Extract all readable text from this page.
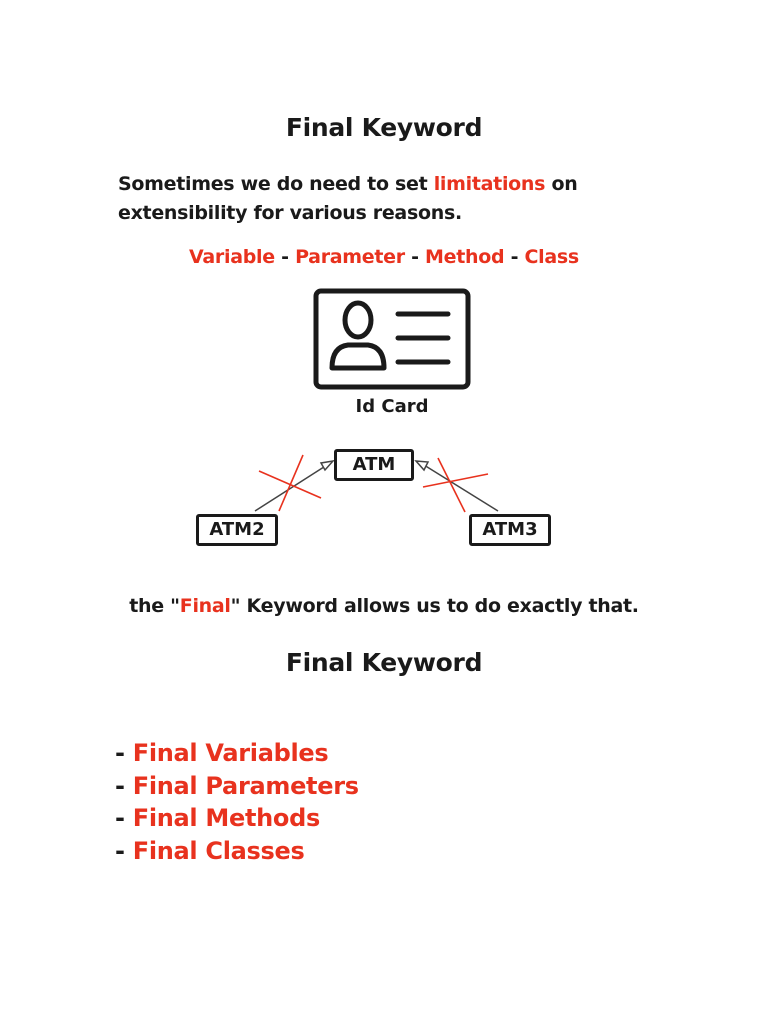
Final Keyword
Sometimes we do need to set limitations on extensibility for various reasons.
Variable - Parameter - Method - Class
Id Card
ATM
ATM2	ATM3
the "Final" Keyword allows us to do exactly that.
Final Keyword
- Final Variables
- Final Parameters
- Final Methods
- Final Classes
